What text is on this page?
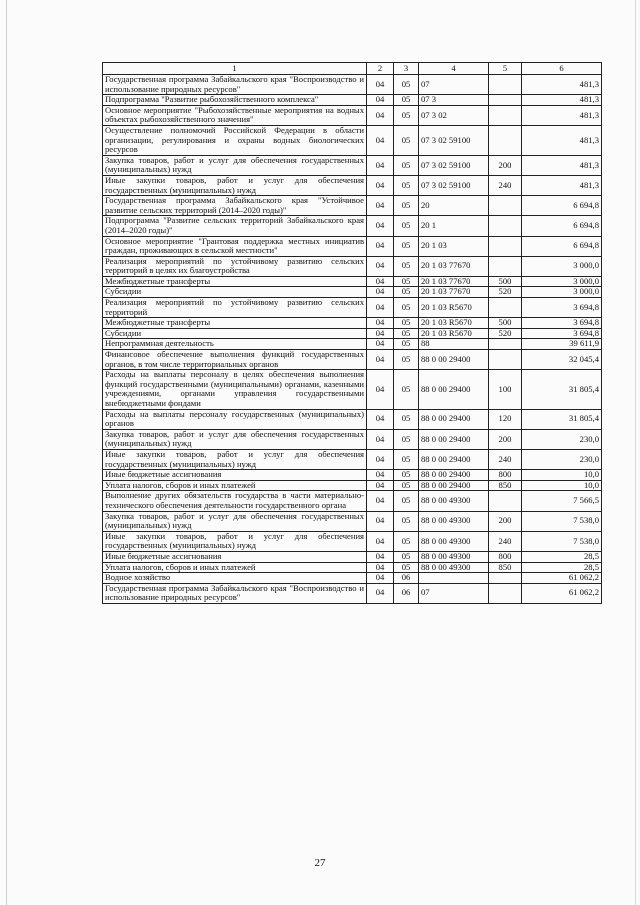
1	2	3	4	5	6
Государственная программа Забайкальского края "Воспроизводство и использование природных ресурсов"	04	05	07		481,3
Подпрограмма "Развитие рыбохозяйственного комплекса"	04	05	07 3		481,3
Основное мероприятие "Рыбохозяйственные мероприятия на водных объектах рыбохозяйственного значения"	04	05	07 3 02		481,3
Осуществление полномочий Российской Федерации в области организации, регулирования и охраны водных биологических ресурсов	04	05	07 3 02 59100		481,3
Закупка товаров, работ и услуг для обеспечения государственных (муниципальных) нужд	04	05	07 3 02 59100	200	481,3
Иные закупки товаров, работ и услуг для обеспечения государственных (муниципальных) нужд	04	05	07 3 02 59100	240	481,3
Государственная программа Забайкальского края "Устойчивое развитие сельских территорий (2014–2020 годы)"	04	05	20		6 694,8
Подпрограмма "Развитие сельских территорий Забайкальского края (2014–2020 годы)"	04	05	20 1		6 694,8
Основное мероприятие "Грантовая поддержка местных инициатив граждан, проживающих в сельской местности"	04	05	20 1 03		6 694,8
Реализация мероприятий по устойчивому развитию сельских территорий в целях их благоустройства	04	05	20 1 03 77670		3 000,0
Межбюджетные трансферты	04	05	20 1 03 77670	500	3 000,0
Субсидии	04	05	20 1 03 77670	520	3 000,0
Реализация мероприятий по устойчивому развитию сельских территорий	04	05	20 1 03 R5670		3 694,8
Межбюджетные трансферты	04	05	20 1 03 R5670	500	3 694,8
Субсидии	04	05	20 1 03 R5670	520	3 694,8
Непрограммная деятельность	04	05	88		39 611,9
Финансовое обеспечение выполнения функций государственных органов, в том числе территориальных органов	04	05	88 0 00 29400		32 045,4
Расходы на выплаты персоналу в целях обеспечения выполнения функций государственными (муниципальными) органами, казенными учреждениями, органами управления государственными внебюджетными фондами	04	05	88 0 00 29400	100	31 805,4
Расходы на выплаты персоналу государственных (муниципальных) органов	04	05	88 0 00 29400	120	31 805,4
Закупка товаров, работ и услуг для обеспечения государственных (муниципальных) нужд	04	05	88 0 00 29400	200	230,0
Иные закупки товаров, работ и услуг для обеспечения государственных (муниципальных) нужд	04	05	88 0 00 29400	240	230,0
Иные бюджетные ассигнования	04	05	88 0 00 29400	800	10,0
Уплата налогов, сборов и иных платежей	04	05	88 0 00 29400	850	10,0
Выполнение других обязательств государства в части материально-технического обеспечения деятельности государственного органа	04	05	88 0 00 49300		7 566,5
Закупка товаров, работ и услуг для обеспечения государственных (муниципальных) нужд	04	05	88 0 00 49300	200	7 538,0
Иные закупки товаров, работ и услуг для обеспечения государственных (муниципальных) нужд	04	05	88 0 00 49300	240	7 538,0
Иные бюджетные ассигнования	04	05	88 0 00 49300	800	28,5
Уплата налогов, сборов и иных платежей	04	05	88 0 00 49300	850	28,5
Водное хозяйство	04	06			61 062,2
Государственная программа Забайкальского края "Воспроизводство и использование природных ресурсов"	04	06	07		61 062,2
27
